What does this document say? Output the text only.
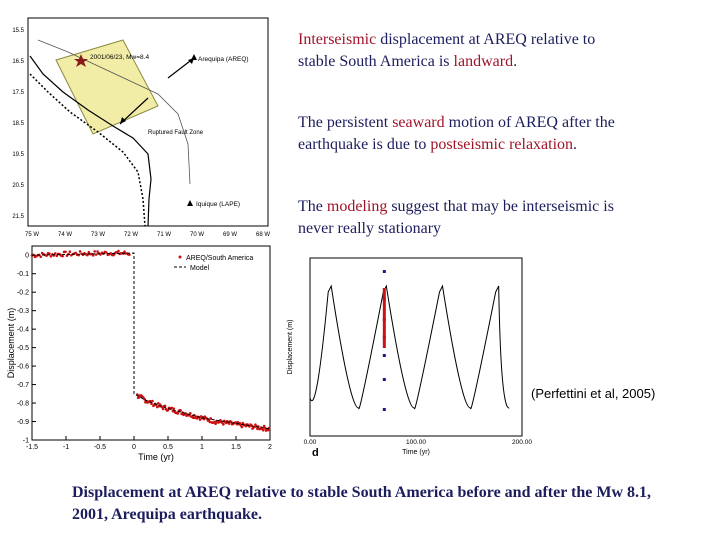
Interseismic displacement at AREQ relative to stable South America is landward.
The persistent seaward motion of AREQ after the earthquake is due to postseismic relaxation.
The modeling suggest that may be interseismic is never really stationary
2001/06/23, Mw=8.4	Arequipa (AREQ)
Ruptured Fault Zone
Iquique (LAPE)
15.5
16.5
17.5
18.5
19.5
20.5
21.5
75 W	74 W	73 W	72 W	71 W	70 W	69 W	68 W
0
-0.1
-0.2
-0.3
-0.4
-0.5
-0.6
-0.7
-0.8
-0.9
-1
-1.5	-1	-0.5	0	0.5	1	1.5	2
AREQ/South America
Model
Time (yr)
Displacement (m)
0.00	100.00	200.00
Time (yr)
Displacement (m)
d
(Perfettini et al, 2005)
Displacement at AREQ relative to stable South America before and after the Mw 8.1, 2001, Arequipa earthquake.
